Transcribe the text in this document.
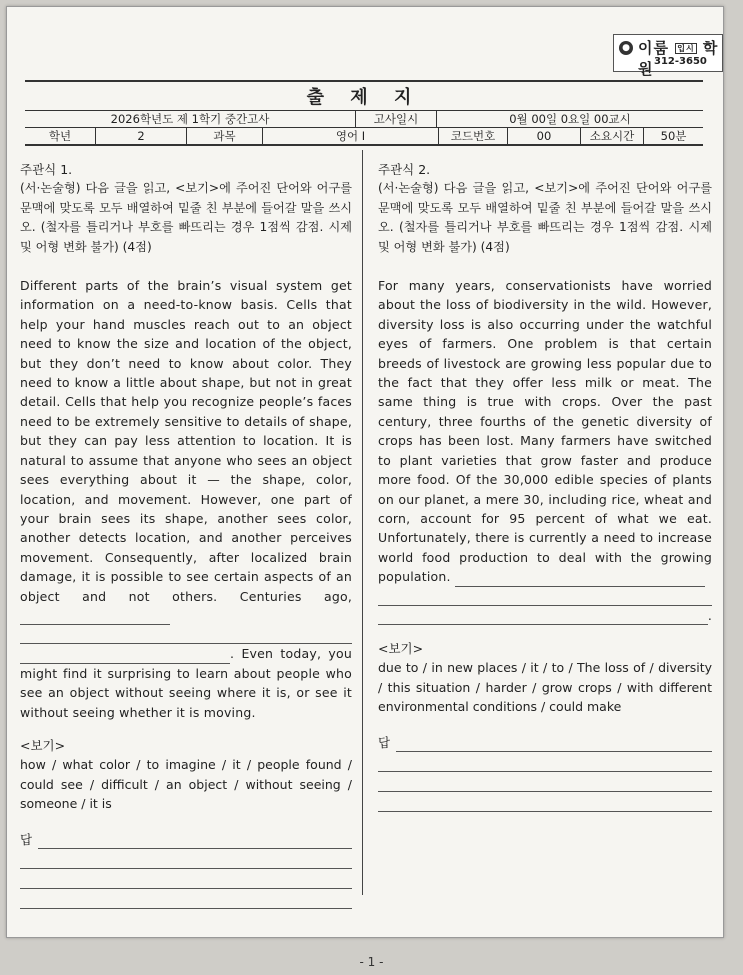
● 이룸 입시 학원 312-3650
출 제 지
2026학년도 제 1학기 중간고사	고사일시	0월 00일 0요일 00교시
학년	2	과목	영어 I	코드번호	00	소요시간	50분

주관식 1.

(서·논술형) 다음 글을 읽고, <보기>에 주어진 단어와 어구를 문맥에 맞도록 모두 배열하여 밑줄 친 부분에 들어갈 말을 쓰시오. (철자를 틀리거나 부호를 빠뜨리는 경우 1점씩 감점. 시제 및 어형 변화 불가) (4점)

Different parts of the brain’s visual system get information on a need-to-know basis. Cells that help your hand muscles reach out to an object need to know the size and location of the object, but they don’t need to know about color. They need to know a little about shape, but not in great detail. Cells that help you recognize people’s faces need to be extremely sensitive to details of shape, but they can pay less attention to location. It is natural to assume that anyone who sees an object sees everything about it — the shape, color, location, and movement. However, one part of your brain sees its shape, another sees color, another detects location, and another perceives movement. Consequently, after localized brain damage, it is possible to see certain aspects of an object and not others. Centuries ago,
. Even today, you might find it surprising to learn about people who see an object without seeing where it is, or see it without seeing whether it is moving.
<보기>
how / what color / to imagine / it / people found / could see / difficult / an object / without seeing / someone / it is
답

주관식 2.

(서·논술형) 다음 글을 읽고, <보기>에 주어진 단어와 어구를 문맥에 맞도록 모두 배열하여 밑줄 친 부분에 들어갈 말을 쓰시오. (철자를 틀리거나 부호를 빠뜨리는 경우 1점씩 감점. 시제 및 어형 변화 불가) (4점)

For many years, conservationists have worried about the loss of biodiversity in the wild. However, diversity loss is also occurring under the watchful eyes of farmers. One problem is that certain breeds of livestock are growing less popular due to the fact that they offer less milk or meat. The same thing is true with crops. Over the past century, three fourths of the genetic diversity of crops has been lost. Many farmers have switched to plant varieties that grow faster and produce more food. Of the 30,000 edible species of plants on our planet, a mere 30, including rice, wheat and corn, account for 95 percent of what we eat. Unfortunately, there is currently a need to increase world food production to deal with the growing population.
.
<보기>
due to / in new places / it / to / The loss of / diversity / this situation / harder / grow crops / with different environmental conditions / could make
답
- 1 -
